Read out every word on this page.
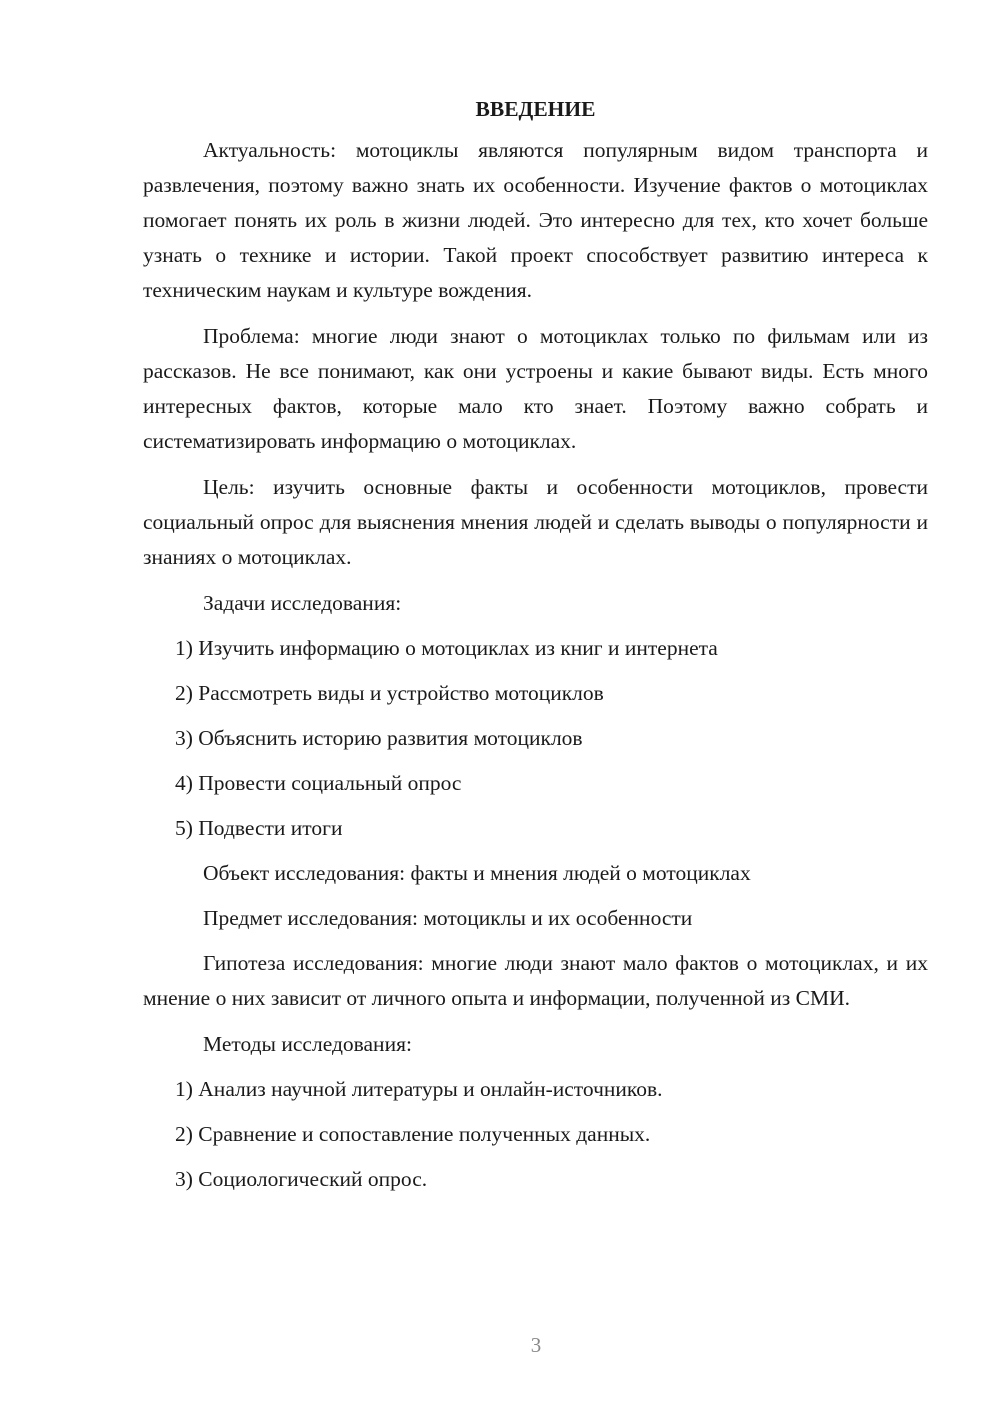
ВВЕДЕНИЕ

Актуальность: мотоциклы являются популярным видом транспорта и развлечения, поэтому важно знать их особенности. Изучение фактов о мотоциклах помогает понять их роль в жизни людей. Это интересно для тех, кто хочет больше узнать о технике и истории. Такой проект способствует развитию интереса к техническим наукам и культуре вождения.

Проблема: многие люди знают о мотоциклах только по фильмам или из рассказов. Не все понимают, как они устроены и какие бывают виды. Есть много интересных фактов, которые мало кто знает. Поэтому важно собрать и систематизировать информацию о мотоциклах.

Цель: изучить основные факты и особенности мотоциклов, провести социальный опрос для выяснения мнения людей и сделать выводы о популярности и знаниях о мотоциклах.

Задачи исследования:

1) Изучить информацию о мотоциклах из книг и интернета

2) Рассмотреть виды и устройство мотоциклов

3) Объяснить историю развития мотоциклов

4) Провести социальный опрос

5) Подвести итоги

Объект исследования: факты и мнения людей о мотоциклах

Предмет исследования: мотоциклы и их особенности

Гипотеза исследования: многие люди знают мало фактов о мотоциклах, и их мнение о них зависит от личного опыта и информации, полученной из СМИ.

Методы исследования:

1) Анализ научной литературы и онлайн-источников.

2) Сравнение и сопоставление полученных данных.

3) Социологический опрос.

3
